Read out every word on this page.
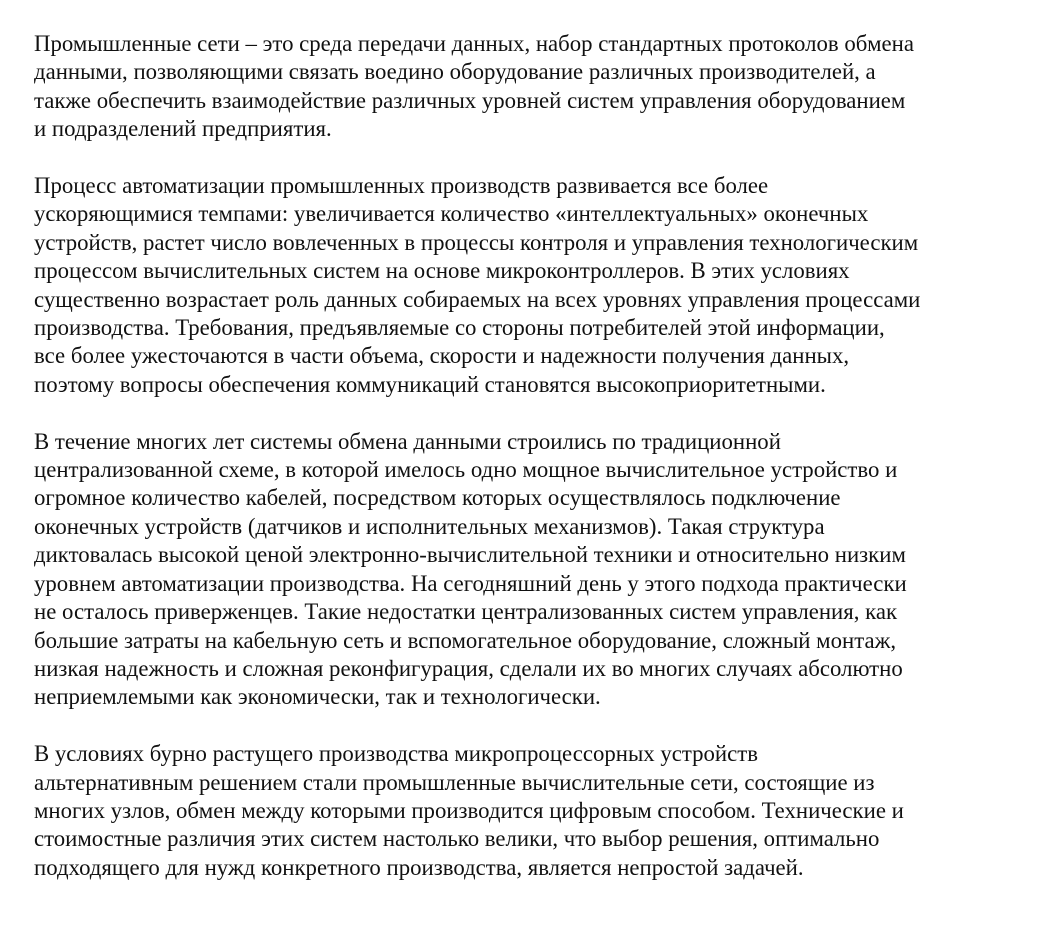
Промышленные сети – это среда передачи данных, набор стандартных протоколов обмена
данными, позволяющими связать воедино оборудование различных производителей, а
также обеспечить взаимодействие различных уровней систем управления оборудованием
и подразделений предприятия.

Процесс автоматизации промышленных производств развивается все более
ускоряющимися темпами: увеличивается количество «интеллектуальных» оконечных
устройств, растет число вовлеченных в процессы контроля и управления технологическим
процессом вычислительных систем на основе микроконтроллеров. В этих условиях
существенно возрастает роль данных собираемых на всех уровнях управления процессами
производства. Требования, предъявляемые со стороны потребителей этой информации,
все более ужесточаются в части объема, скорости и надежности получения данных,
поэтому вопросы обеспечения коммуникаций становятся высокоприоритетными.

В течение многих лет системы обмена данными строились по традиционной
централизованной схеме, в которой имелось одно мощное вычислительное устройство и
огромное количество кабелей, посредством которых осуществлялось подключение
оконечных устройств (датчиков и исполнительных механизмов). Такая структура
диктовалась высокой ценой электронно-вычислительной техники и относительно низким
уровнем автоматизации производства. На сегодняшний день у этого подхода практически
не осталось приверженцев. Такие недостатки централизованных систем управления, как
большие затраты на кабельную сеть и вспомогательное оборудование, сложный монтаж,
низкая надежность и сложная реконфигурация, сделали их во многих случаях абсолютно
неприемлемыми как экономически, так и технологически.

В условиях бурно растущего производства микропроцессорных устройств
альтернативным решением стали промышленные вычислительные сети, состоящие из
многих узлов, обмен между которыми производится цифровым способом. Технические и
стоимостные различия этих систем настолько велики, что выбор решения, оптимально
подходящего для нужд конкретного производства, является непростой задачей.
